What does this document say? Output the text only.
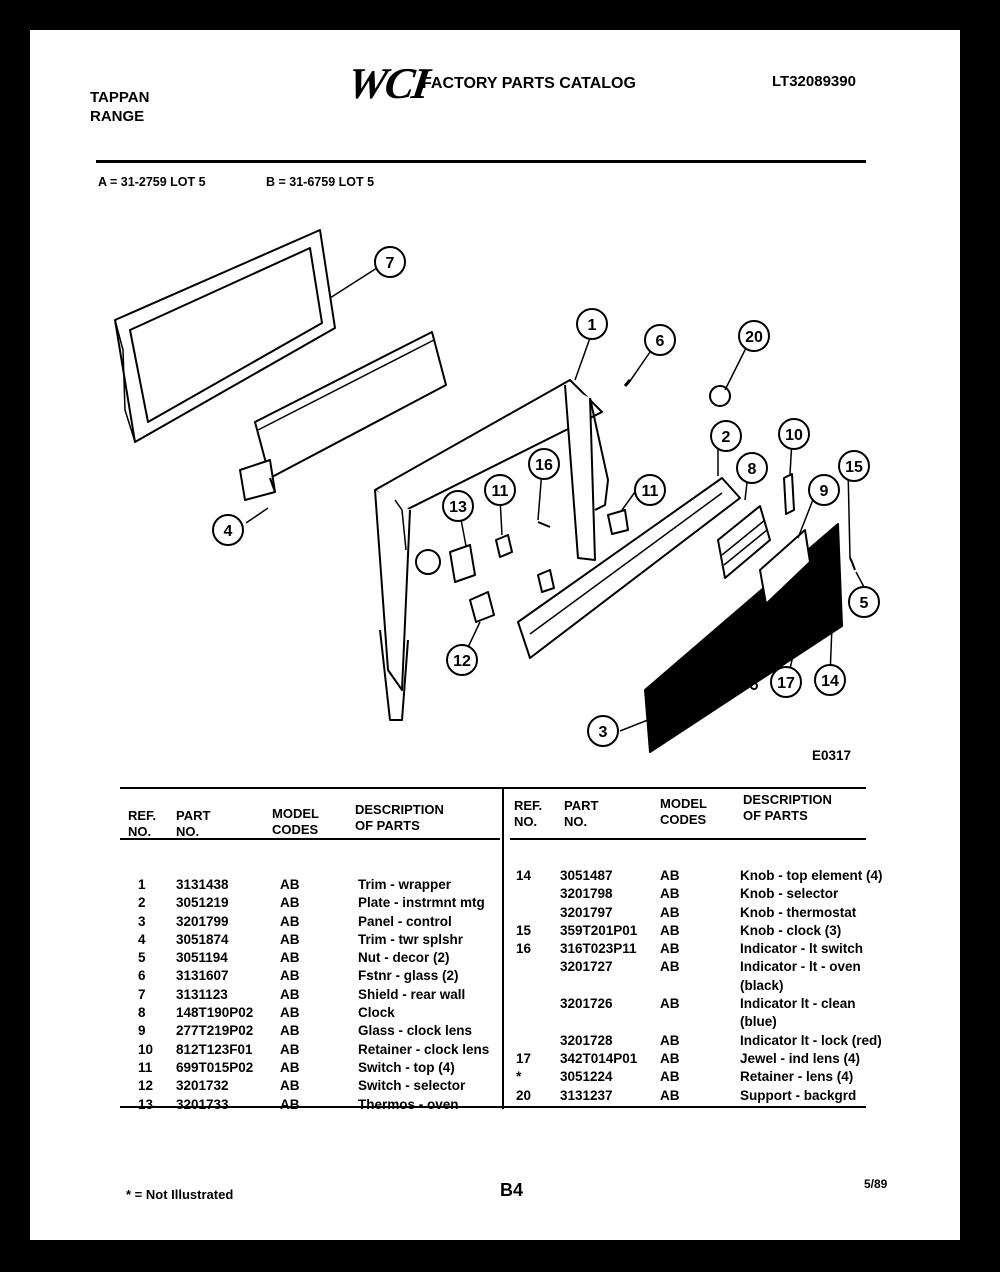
TAPPAN
RANGE
WCI
FACTORY PARTS CATALOG	LT32089390
A = 31-2759 LOT 5	B = 31-6759 LOT 5
7
1
6	20
2	10
15
16
11	11
13
8
9
4
5
12
17 14
3
E0317
REF.
NO.
PART
NO.
MODEL
CODES
DESCRIPTION
OF PARTS
REF.
NO.
PART
NO.
MODEL
CODES
DESCRIPTION
OF PARTS
1	3131438	AB	Trim - wrapper
2	3051219	AB	Plate - instrmnt mtg
3	3201799	AB	Panel - control
4	3051874	AB	Trim - twr splshr
5	3051194	AB	Nut - decor (2)
6	3131607	AB	Fstnr - glass (2)
7	3131123	AB	Shield - rear wall
8	148T190P02	AB	Clock
9	277T219P02	AB	Glass - clock lens
10	812T123F01	AB	Retainer - clock lens
11	699T015P02	AB	Switch - top (4)
12	3201732	AB	Switch - selector
13	3201733	AB	Thermos - oven
14	3051487	AB	Knob - top element (4)
	3201798	AB	Knob - selector
	3201797	AB	Knob - thermostat
15	359T201P01	AB	Knob - clock (3)
16	316T023P11	AB	Indicator - lt switch
	3201727	AB	Indicator - lt - oven
			(black)
	3201726	AB	Indicator lt - clean
			(blue)
	3201728	AB	Indicator lt - lock (red)
17	342T014P01	AB	Jewel - ind lens (4)
*	3051224	AB	Retainer - lens (4)
20	3131237	AB	Support - backgrd
* = Not Illustrated	B4	5/89
